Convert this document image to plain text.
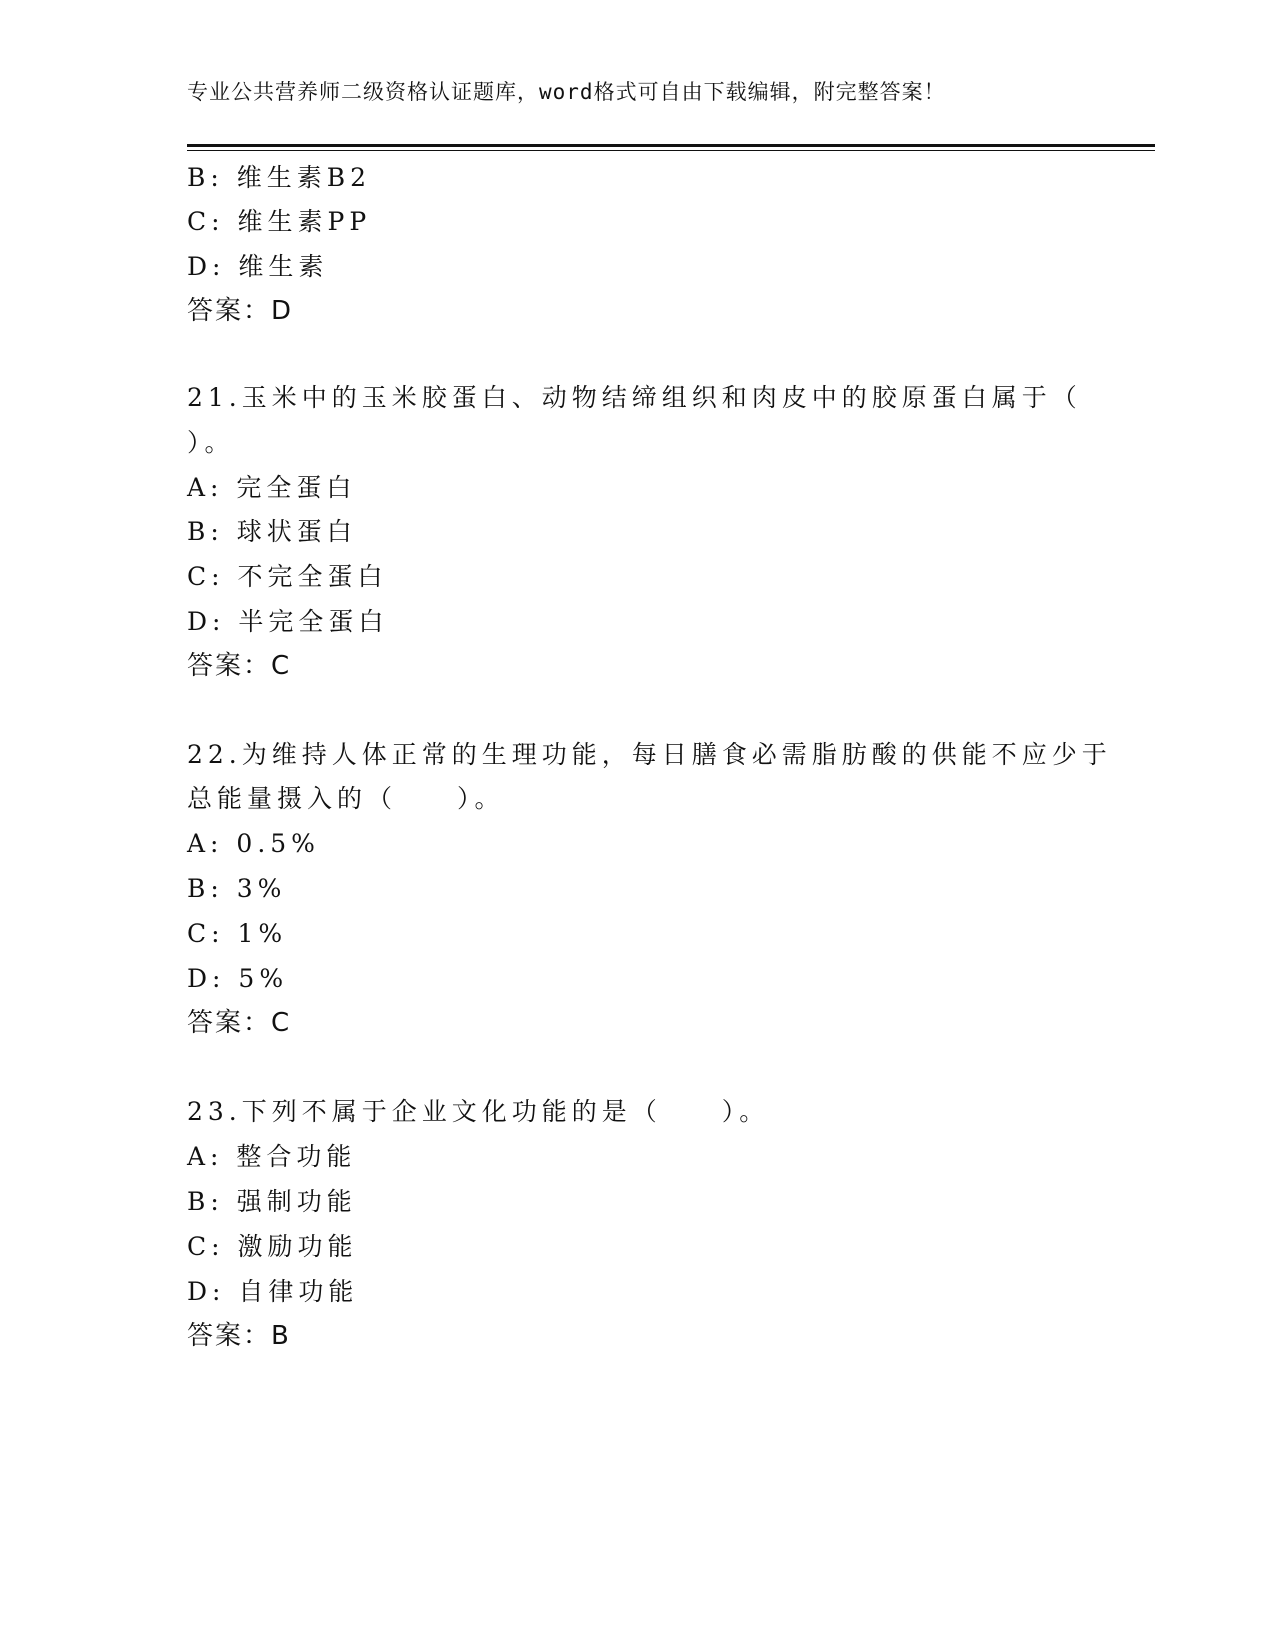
专业公共营养师二级资格认证题库，word格式可自由下载编辑，附完整答案！
B: 维生素B2
C: 维生素PP
D: 维生素
答案：D
21.玉米中的玉米胶蛋白、动物结缔组织和肉皮中的胶原蛋白属于（
）。
A: 完全蛋白
B: 球状蛋白
C: 不完全蛋白
D: 半完全蛋白
答案：C
22.为维持人体正常的生理功能，每日膳食必需脂肪酸的供能不应少于
总能量摄入的（　　）。
A: 0.5%
B: 3%
C: 1%
D: 5%
答案：C
23.下列不属于企业文化功能的是（　　）。
A: 整合功能
B: 强制功能
C: 激励功能
D: 自律功能
答案：B
